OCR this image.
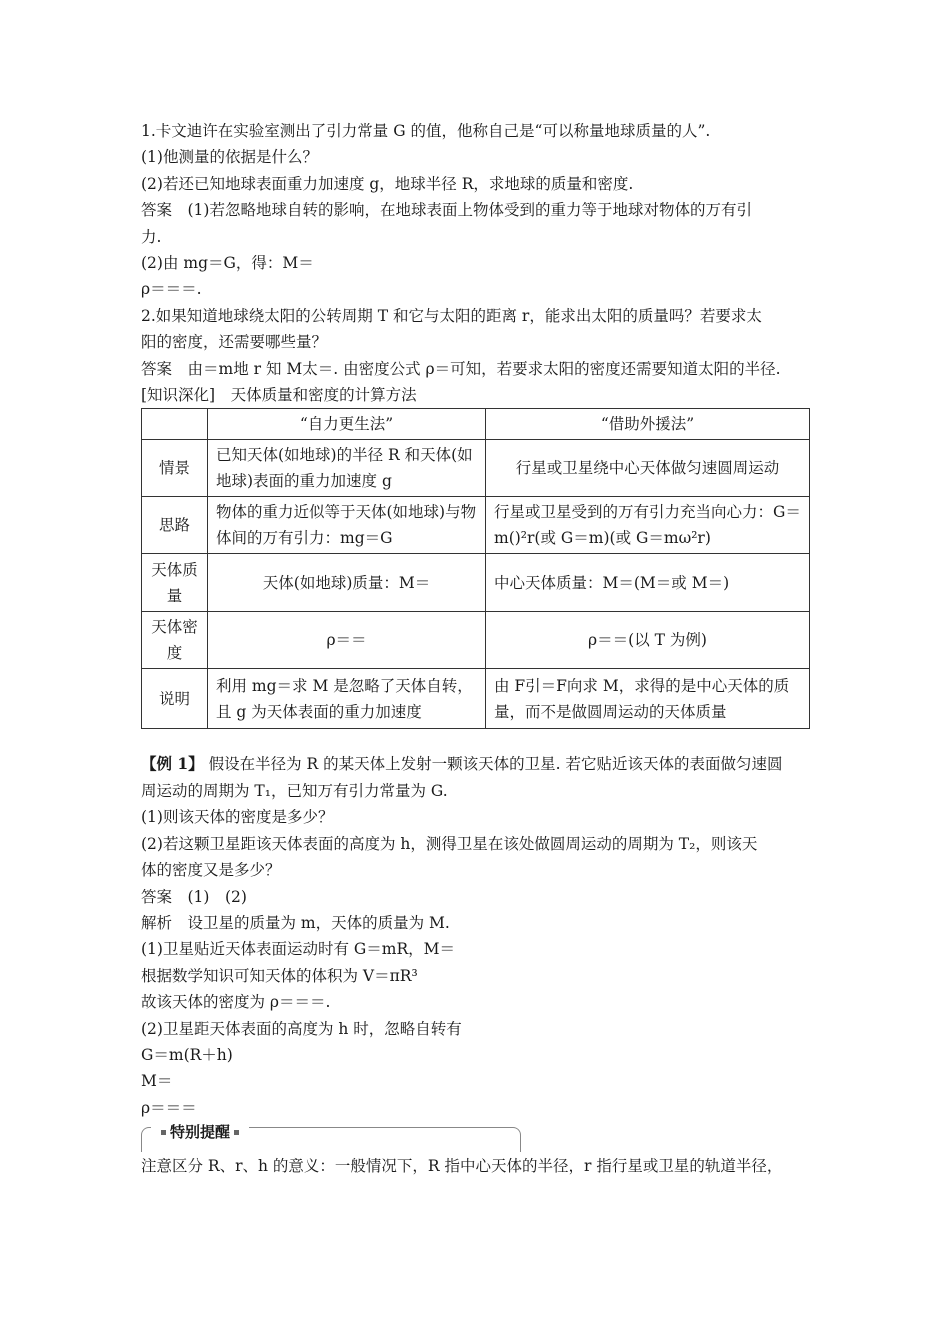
1.卡文迪许在实验室测出了引力常量 G 的值，他称自己是“可以称量地球质量的人”.
(1)他测量的依据是什么？
(2)若还已知地球表面重力加速度 g，地球半径 R，求地球的质量和密度.
答案　(1)若忽略地球自转的影响，在地球表面上物体受到的重力等于地球对物体的万有引
力.
(2)由 mg＝G，得：M＝
ρ＝＝＝.
2.如果知道地球绕太阳的公转周期 T 和它与太阳的距离 r，能求出太阳的质量吗？若要求太
阳的密度，还需要哪些量？
答案　由＝m地 r 知 M太＝. 由密度公式 ρ＝可知，若要求太阳的密度还需要知道太阳的半径.
[知识深化]　天体质量和密度的计算方法
	“自力更生法”	“借助外援法”
情景	已知天体(如地球)的半径 R 和天体(如地球)表面的重力加速度 g	行星或卫星绕中心天体做匀速圆周运动
思路	物体的重力近似等于天体(如地球)与物体间的万有引力：mg＝G	行星或卫星受到的万有引力充当向心力：G＝m()²r(或 G＝m)(或 G＝mω²r)
天体质量	天体(如地球)质量：M＝	中心天体质量：M＝(M＝或 M＝)
天体密度	ρ＝＝	ρ＝＝(以 T 为例)
说明	利用 mg＝求 M 是忽略了天体自转，且 g 为天体表面的重力加速度	由 F引＝F向求 M，求得的是中心天体的质量，而不是做圆周运动的天体质量
【例 1】 假设在半径为 R 的某天体上发射一颗该天体的卫星. 若它贴近该天体的表面做匀速圆
周运动的周期为 T₁，已知万有引力常量为 G.
(1)则该天体的密度是多少？
(2)若这颗卫星距该天体表面的高度为 h，测得卫星在该处做圆周运动的周期为 T₂，则该天
体的密度又是多少？
答案　(1)　(2)
解析　设卫星的质量为 m，天体的质量为 M.
(1)卫星贴近天体表面运动时有 G＝mR，M＝
根据数学知识可知天体的体积为 V＝πR³
故该天体的密度为 ρ＝＝＝.
(2)卫星距天体表面的高度为 h 时，忽略自转有
G＝m(R＋h)
M＝
ρ＝＝＝
特别提醒
注意区分 R、r、h 的意义：一般情况下，R 指中心天体的半径，r 指行星或卫星的轨道半径，
